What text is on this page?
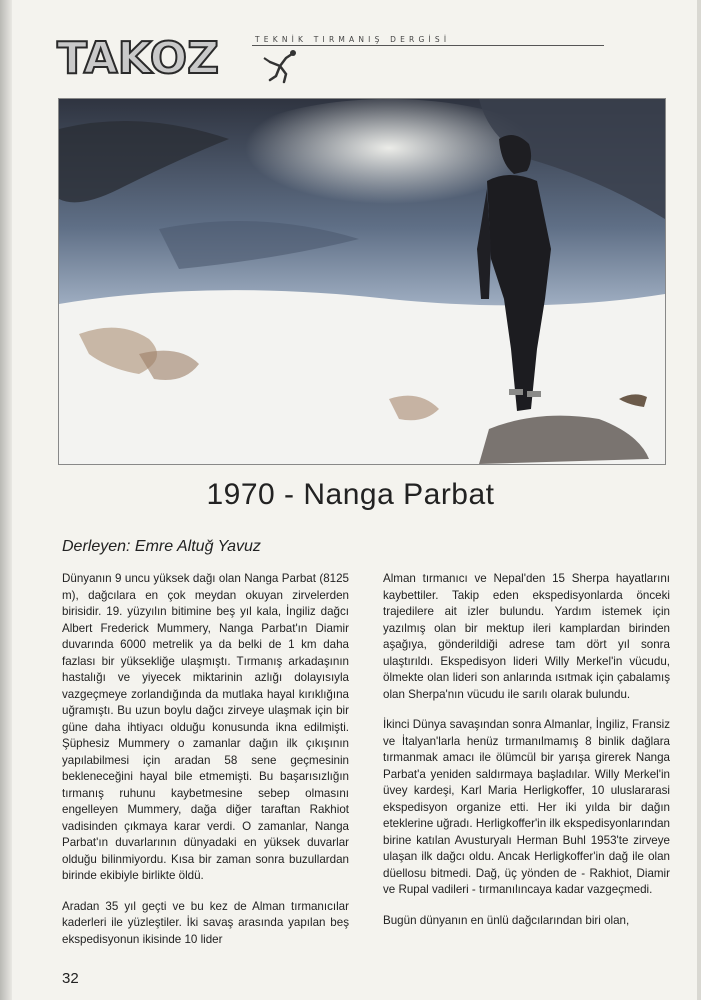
TAKOZ	TEKNİK TIRMANIŞ DERGİSİ
1970 - Nanga Parbat
Derleyen: Emre Altuğ Yavuz

Dünyanın 9 uncu yüksek dağı olan Nanga Parbat (8125 m), dağcılara en çok meydan okuyan zirvelerden birisidir. 19. yüzyılın bitimine beş yıl kala, İngiliz dağcı Albert Frederick Mummery, Nanga Parbat'ın Diamir duvarında 6000 metrelik ya da belki de 1 km daha fazlası bir yüksekliğe ulaşmıştı. Tırmanış arkadaşının hastalığı ve yiyecek miktarinin azlığı dolayısıyla vazgeçmeye zorlandığında da mutlaka hayal kırıklığına uğramıştı. Bu uzun boylu dağcı zirveye ulaşmak için bir güne daha ihtiyacı olduğu konusunda ikna edilmişti. Şüphesiz Mummery o zamanlar dağın ilk çıkışının yapılabilmesi için aradan 58 sene geçmesinin bekleneceğini hayal bile etmemişti. Bu başarısızlığın tırmanış ruhunu kaybetmesine sebep olmasını engelleyen Mummery, dağa diğer taraftan Rakhiot vadisinden çıkmaya karar verdi. O zamanlar, Nanga Parbat'ın duvarlarının dünyadaki en yüksek duvarlar olduğu bilinmiyordu. Kısa bir zaman sonra buzullardan birinde ekibiyle birlikte öldü.

Aradan 35 yıl geçti ve bu kez de Alman tırmanıcılar kaderleri ile yüzleştiler. İki savaş arasında yapılan beş ekspedisyonun ikisinde 10 lider

Alman tırmanıcı ve Nepal'den 15 Sherpa hayatlarını kaybettiler. Takip eden ekspedisyonlarda önceki trajedilere ait izler bulundu. Yardım istemek için yazılmış olan bir mektup ileri kamplardan birinden aşağıya, gönderildiği adrese tam dört yıl sonra ulaştırıldı. Ekspedisyon lideri Willy Merkel'in vücudu, ölmekte olan lideri son anlarında ısıtmak için çabalamış olan Sherpa'nın vücudu ile sarılı olarak bulundu.

İkinci Dünya savaşından sonra Almanlar, İngiliz, Fransiz ve İtalyan'larla henüz tırmanılmamış 8 binlik dağlara tırmanmak amacı ile ölümcül bir yarışa girerek Nanga Parbat'a yeniden saldırmaya başladılar. Willy Merkel'in üvey kardeşi, Karl Maria Herligkoffer, 10 uluslararasi ekspedisyon organize etti. Her iki yılda bir dağın eteklerine uğradı. Herligkoffer'in ilk ekspedisyonlarından birine katılan Avusturyalı Herman Buhl 1953'te zirveye ulaşan ilk dağcı oldu. Ancak Herligkoffer'in dağ ile olan düellosu bitmedi. Dağ, üç yönden de - Rakhiot, Diamir ve Rupal vadileri - tırmanılıncaya kadar vazgeçmedi.

Bugün dünyanın en ünlü dağcılarından biri olan,

32
